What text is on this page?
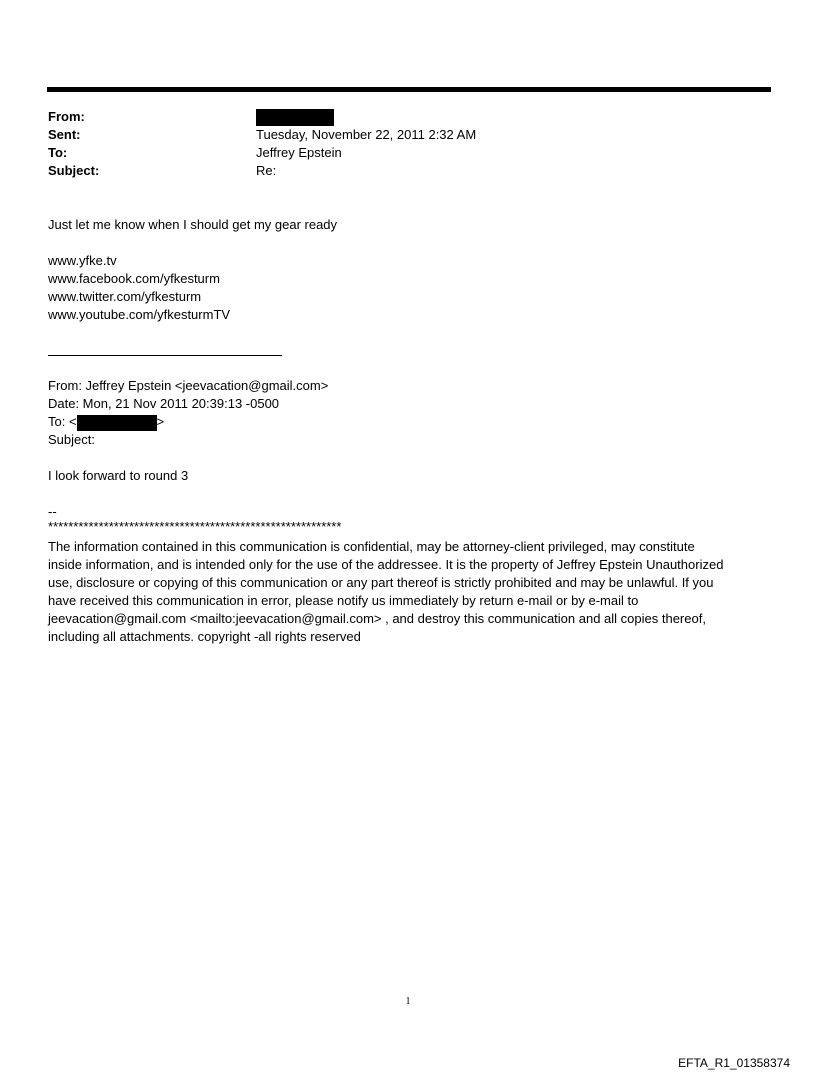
From:
Sent:	Tuesday, November 22, 2011 2:32 AM
To:	Jeffrey Epstein
Subject:	Re:
Just let me know when I should get my gear ready
www.yfke.tv
www.facebook.com/yfkesturm
www.twitter.com/yfkesturm
www.youtube.com/yfkesturmTV
From: Jeffrey Epstein <jeevacation@gmail.com>
Date: Mon, 21 Nov 2011 20:39:13 -0500
To: <	>
Subject:
I look forward to round 3
--
**********************************************************
The information contained in this communication is confidential, may be attorney-client privileged, may constitute
inside information, and is intended only for the use of the addressee. It is the property of Jeffrey Epstein Unauthorized
use, disclosure or copying of this communication or any part thereof is strictly prohibited and may be unlawful. If you
have received this communication in error, please notify us immediately by return e-mail or by e-mail to
jeevacation@gmail.com <mailto:jeevacation@gmail.com> , and destroy this communication and all copies thereof,
including all attachments. copyright -all rights reserved
1
EFTA_R1_01358374
